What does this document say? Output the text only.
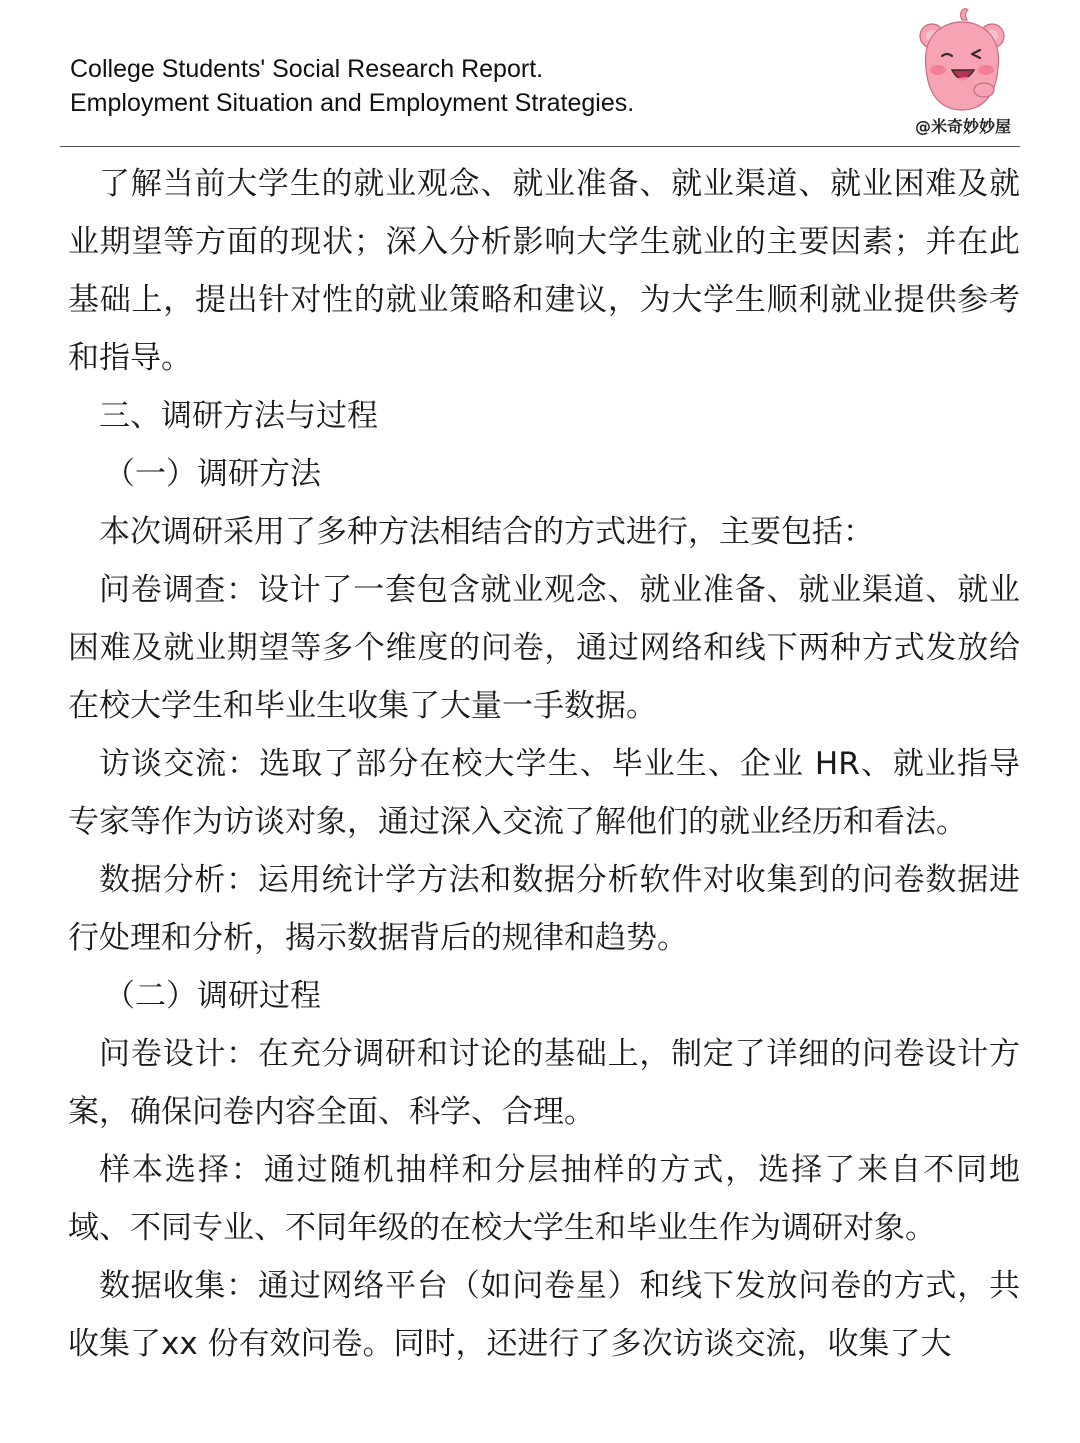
College Students' Social Research Report.
Employment Situation and Employment Strategies.
@米奇妙妙屋

了解当前大学生的就业观念、就业准备、就业渠道、就业困难及就业期望等方面的现状；深入分析影响大学生就业的主要因素；并在此基础上，提出针对性的就业策略和建议，为大学生顺利就业提供参考和指导。

三、调研方法与过程

（一）调研方法

本次调研采用了多种方法相结合的方式进行，主要包括：

问卷调查：设计了一套包含就业观念、就业准备、就业渠道、就业困难及就业期望等多个维度的问卷，通过网络和线下两种方式发放给在校大学生和毕业生收集了大量一手数据。

访谈交流：选取了部分在校大学生、毕业生、企业 HR、就业指导专家等作为访谈对象，通过深入交流了解他们的就业经历和看法。

数据分析：运用统计学方法和数据分析软件对收集到的问卷数据进行处理和分析，揭示数据背后的规律和趋势。

（二）调研过程

问卷设计：在充分调研和讨论的基础上，制定了详细的问卷设计方案，确保问卷内容全面、科学、合理。

样本选择：通过随机抽样和分层抽样的方式，选择了来自不同地域、不同专业、不同年级的在校大学生和毕业生作为调研对象。

数据收集：通过网络平台（如问卷星）和线下发放问卷的方式，共收集了xx 份有效问卷。同时，还进行了多次访谈交流，收集了大
